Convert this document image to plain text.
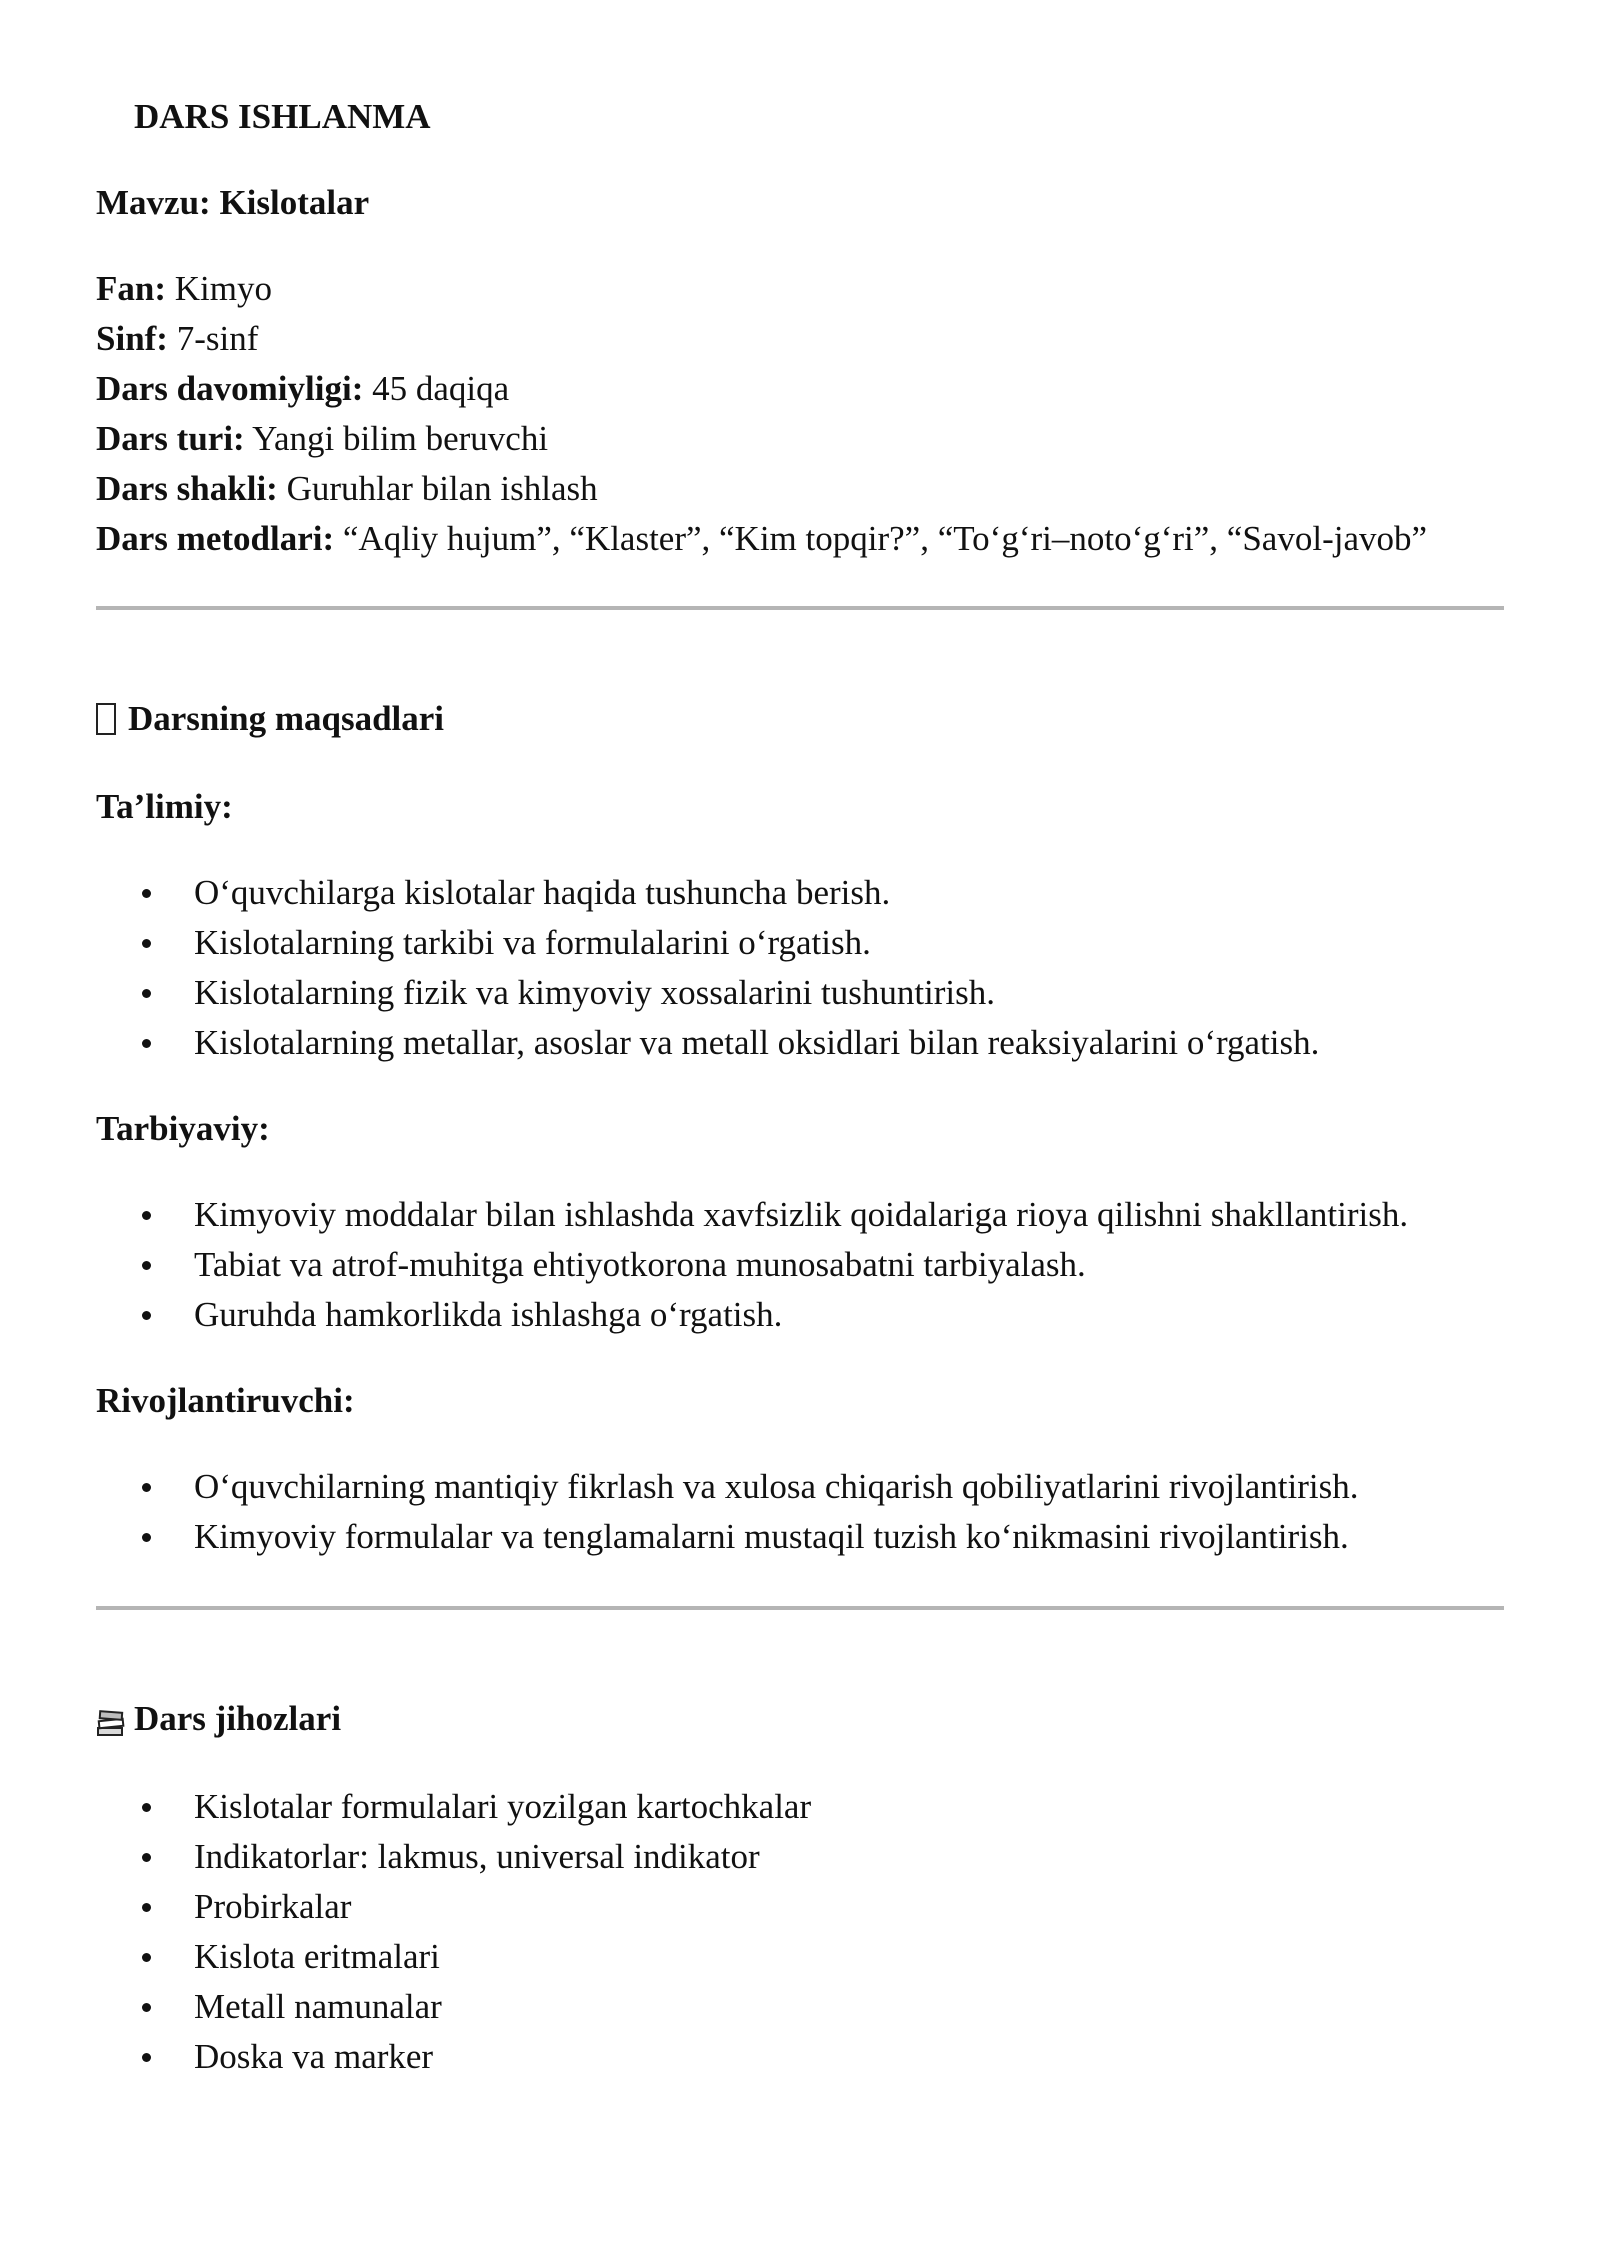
DARS ISHLANMA
Mavzu: Kislotalar
Fan: Kimyo
Sinf: 7-sinf
Dars davomiyligi: 45 daqiqa
Dars turi: Yangi bilim beruvchi
Dars shakli: Guruhlar bilan ishlash
Dars metodlari: “Aqliy hujum”, “Klaster”, “Kim topqir?”, “To‘g‘ri–noto‘g‘ri”, “Savol-javob”
Darsning maqsadlari
Ta’limiy:
O‘quvchilarga kislotalar haqida tushuncha berish.
Kislotalarning tarkibi va formulalarini o‘rgatish.
Kislotalarning fizik va kimyoviy xossalarini tushuntirish.
Kislotalarning metallar, asoslar va metall oksidlari bilan reaksiyalarini o‘rgatish.
Tarbiyaviy:
Kimyoviy moddalar bilan ishlashda xavfsizlik qoidalariga rioya qilishni shakllantirish.
Tabiat va atrof-muhitga ehtiyotkorona munosabatni tarbiyalash.
Guruhda hamkorlikda ishlashga o‘rgatish.
Rivojlantiruvchi:
O‘quvchilarning mantiqiy fikrlash va xulosa chiqarish qobiliyatlarini rivojlantirish.
Kimyoviy formulalar va tenglamalarni mustaqil tuzish ko‘nikmasini rivojlantirish.
Dars jihozlari
Kislotalar formulalari yozilgan kartochkalar
Indikatorlar: lakmus, universal indikator
Probirkalar
Kislota eritmalari
Metall namunalar
Doska va marker
